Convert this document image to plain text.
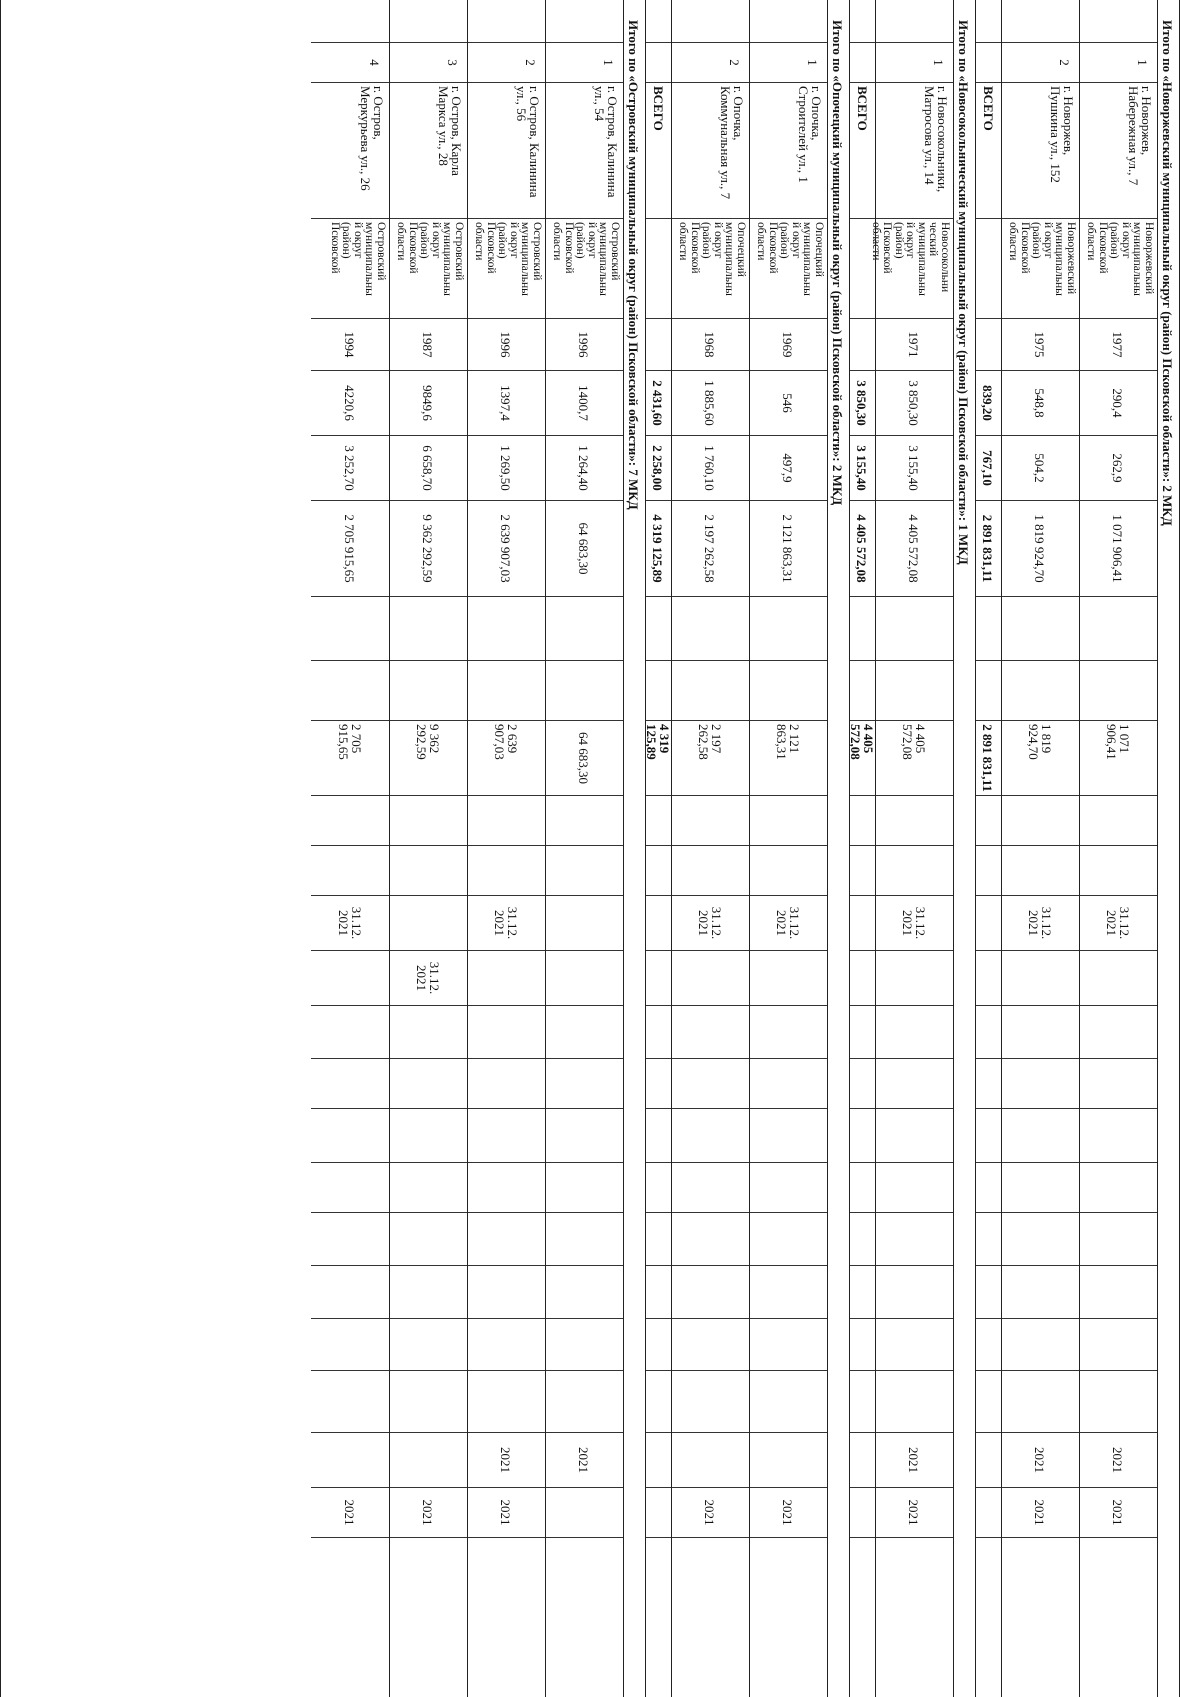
Итого по «Новоржевский муниципальный округ (район) Псковской области»: 2 МКД
1
г. Новоржев,
Набережная ул., 7
Новоржевский
муниципальны
й округ
(район)
Псковской
области
1977
290,4
262,9
1 071 906,41
1 071 906,41
31.12.
2021
2021
2021
2
г. Новоржев,
Пушкина ул., 152
Новоржевский
муниципальны
й округ
(район)
Псковской
области
1975
548,8
504,2
1 819 924,70
1 819 924,70
31.12.
2021
2021
2021
ВСЕГО
839,20
767,10
2 891 831,11
2 891 831,11
Итого по «Новосокольнический муниципальный округ (район) Псковской области»: 1 МКД
1
г. Новосокольники,
Матросова ул., 14
Новосокольни
ческий
муниципальны
й округ
(район)
Псковской
области
1971
3 850,30
3 155,40
4 405 572,08
4 405 572,08
31.12.
2021
2021
2021
ВСЕГО
3 850,30
3 155,40
4 405 572,08
4 405 572,08
Итого по «Опочецкий муниципальный округ (район) Псковской области»: 2 МКД
1
г. Опочка,
Строителей ул., 1
Опочецкий
муниципальны
й округ
(район)
Псковской
области
1969
546
497,9
2 121 863,31
2 121 863,31
31.12.
2021
2021
2
г. Опочка,
Коммунальная ул., 7
Опочецкий
муниципальны
й округ
(район)
Псковской
области
1968
1 885,60
1 760,10
2 197 262,58
2 197 262,58
31.12.
2021
2021
ВСЕГО
2 431,60
2 258,00
4 319 125,89
4 319 125,89
Итого по «Островский муниципальный округ (район) Псковской области»: 7 МКД
1
г. Остров, Калинина
ул., 54
Островский
муниципальны
й округ
(район)
Псковской
области
1996
1400,7
1 264,40
64 683,30
64 683,30
2021
2
г. Остров, Калинина
ул., 56
Островский
муниципальны
й округ
(район)
Псковской
области
1996
1397,4
1 269,50
2 639 907,03
2 639 907,03
31.12.
2021
2021
2021
3
г. Остров, Карла
Маркса ул., 28
Островский
муниципальны
й округ
(район)
Псковской
области
1987
9849,6
6 658,70
9 362 292,59
9 362 292,59
31.12.
2021
2021
4
г. Остров,
Меркурьева ул., 26
Островский
муниципальны
й округ
(район)
Псковской
1994
4220,6
3 252,70
2 705 915,65
2 705 915,65
31.12.
2021
2021
